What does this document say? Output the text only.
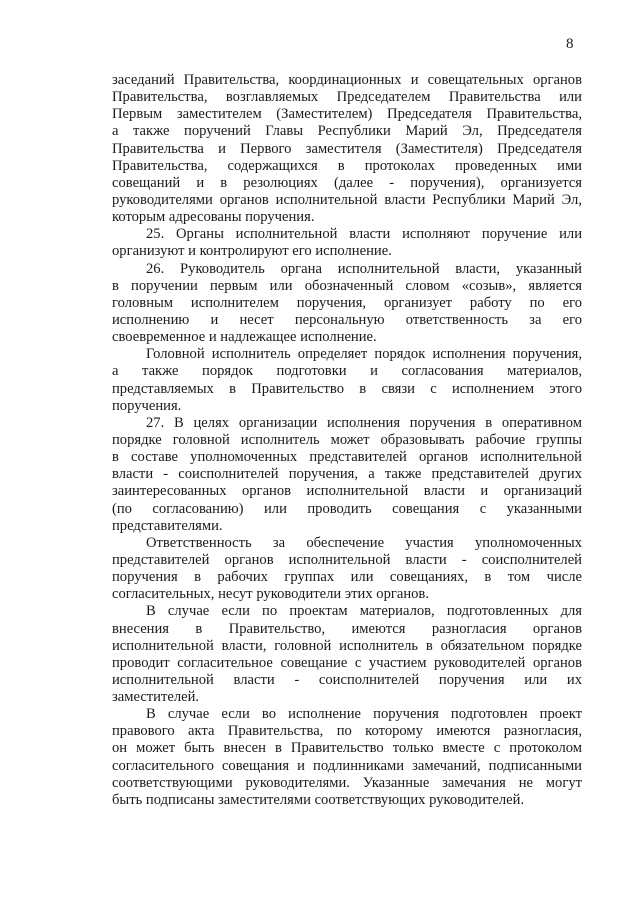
8
заседаний Правительства, координационных и совещательных органов
Правительства, возглавляемых Председателем Правительства или
Первым заместителем (Заместителем) Председателя Правительства,
а также поручений Главы Республики Марий Эл, Председателя
Правительства и Первого заместителя (Заместителя) Председателя
Правительства, содержащихся в протоколах проведенных ими
совещаний и в резолюциях (далее - поручения), организуется
руководителями органов исполнительной власти Республики Марий Эл,
которым адресованы поручения.
25. Органы исполнительной власти исполняют поручение или
организуют и контролируют его исполнение.
26. Руководитель органа исполнительной власти, указанный
в поручении первым или обозначенный словом «созыв», является
головным исполнителем поручения, организует работу по его
исполнению и несет персональную ответственность за его
своевременное и надлежащее исполнение.
Головной исполнитель определяет порядок исполнения поручения,
а также порядок подготовки и согласования материалов,
представляемых в Правительство в связи с исполнением этого
поручения.
27. В целях организации исполнения поручения в оперативном
порядке головной исполнитель может образовывать рабочие группы
в составе уполномоченных представителей органов исполнительной
власти - соисполнителей поручения, а также представителей других
заинтересованных органов исполнительной власти и организаций
(по согласованию) или проводить совещания с указанными
представителями.
Ответственность за обеспечение участия уполномоченных
представителей органов исполнительной власти - соисполнителей
поручения в рабочих группах или совещаниях, в том числе
согласительных, несут руководители этих органов.
В случае если по проектам материалов, подготовленных для
внесения в Правительство, имеются разногласия органов
исполнительной власти, головной исполнитель в обязательном порядке
проводит согласительное совещание с участием руководителей органов
исполнительной власти - соисполнителей поручения или их
заместителей.
В случае если во исполнение поручения подготовлен проект
правового акта Правительства, по которому имеются разногласия,
он может быть внесен в Правительство только вместе с протоколом
согласительного совещания и подлинниками замечаний, подписанными
соответствующими руководителями. Указанные замечания не могут
быть подписаны заместителями соответствующих руководителей.
